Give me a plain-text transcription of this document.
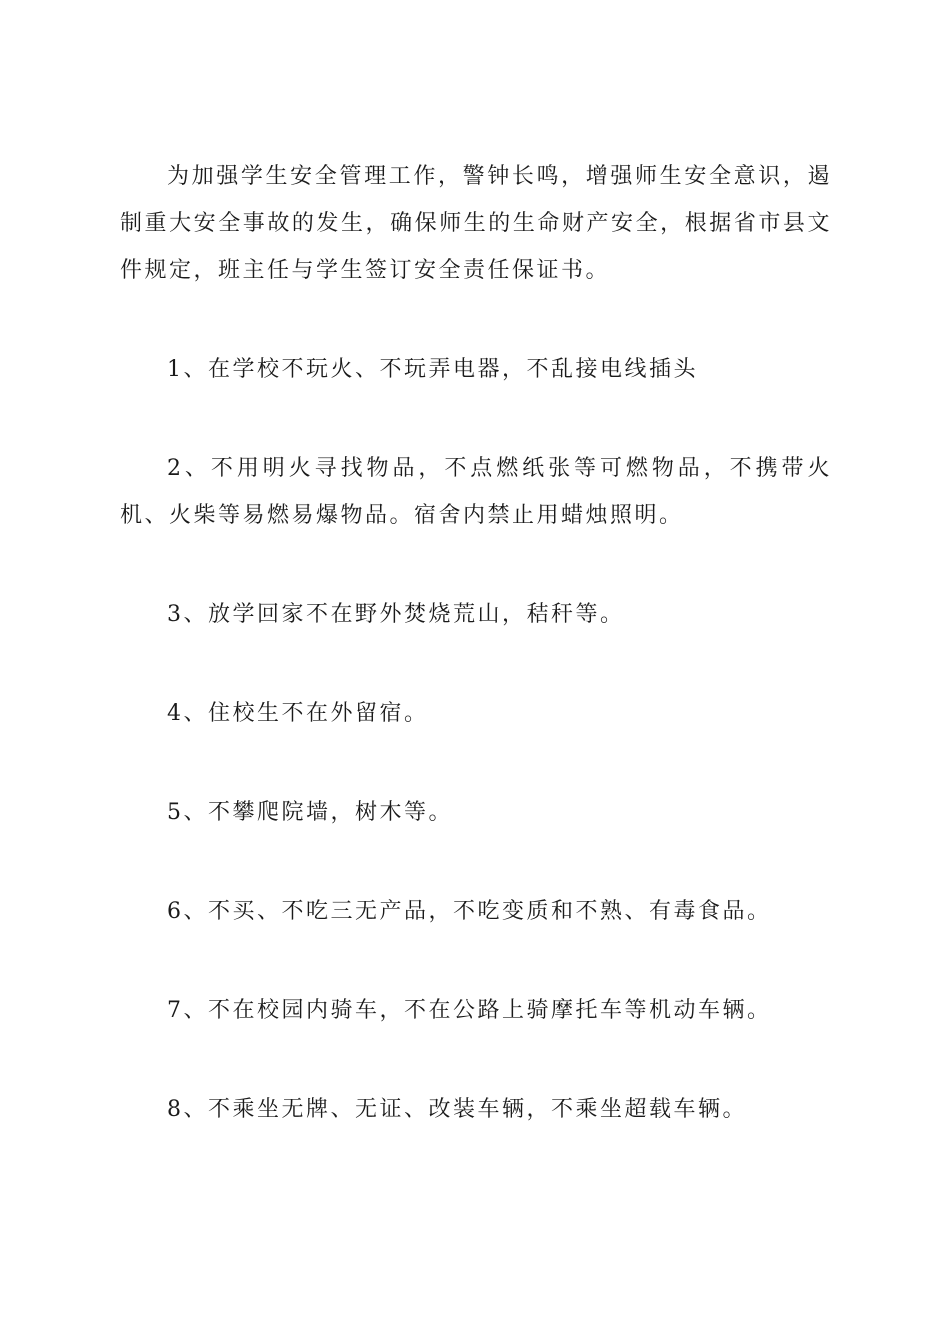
为加强学生安全管理工作，警钟长鸣，增强师生安全意识，遏制重大安全事故的发生，确保师生的生命财产安全，根据省市县文件规定，班主任与学生签订安全责任保证书。

1、在学校不玩火、不玩弄电器，不乱接电线插头

2、不用明火寻找物品，不点燃纸张等可燃物品，不携带火机、火柴等易燃易爆物品。宿舍内禁止用蜡烛照明。

3、放学回家不在野外焚烧荒山，秸秆等。

4、住校生不在外留宿。

5、不攀爬院墙，树木等。

6、不买、不吃三无产品，不吃变质和不熟、有毒食品。

7、不在校园内骑车，不在公路上骑摩托车等机动车辆。

8、不乘坐无牌、无证、改装车辆，不乘坐超载车辆。
